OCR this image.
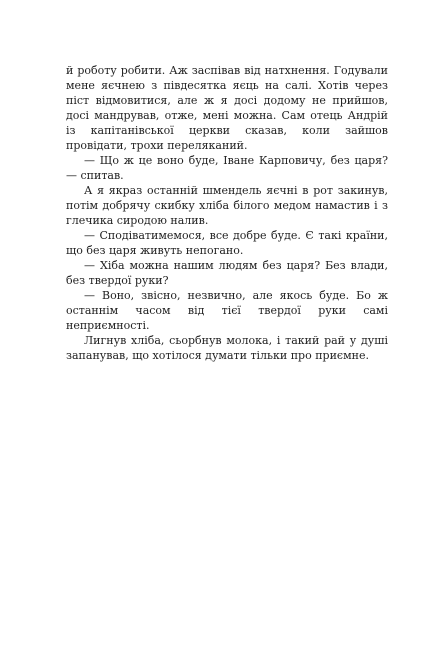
й роботу робити. Аж заспівав від натхнення. Годували мене яєчнею з півдесятка яєць на салі. Хотів через піст відмовитися, але ж я досі додому не прийшов, досі мандрував, отже, мені можна. Сам отець Андрій із капітанівської церкви сказав, коли зайшов провідати, трохи переляканий.

— Що ж це воно буде, Іване Карповичу, без царя? — спитав.

А я якраз останній шмендель яєчні в рот закинув, потім добрячу скибку хліба білого медом намастив і з глечика сиродою налив.

— Сподіватимемося, все добре буде. Є такі країни, що без царя живуть непогано.

— Хіба можна нашим людям без царя? Без влади, без твердої руки?

— Воно, звісно, незвично, але якось буде. Бо ж останнім часом від тієї твердої руки самі неприємності.

Лигнув хліба, сьорбнув молока, і такий рай у душі запанував, що хотілося думати тільки про приємне.
